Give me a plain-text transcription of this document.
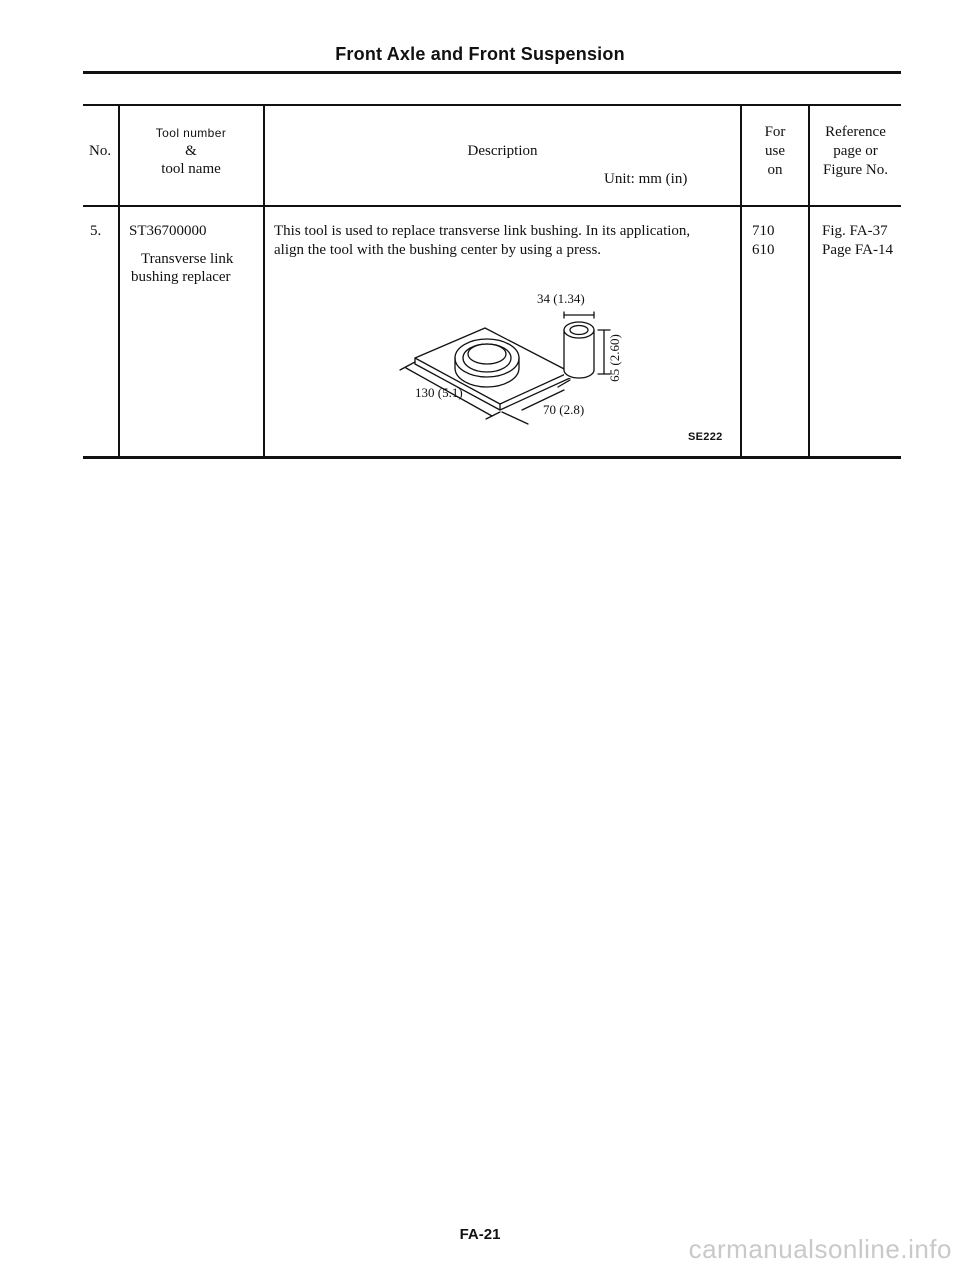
Front Axle and Front Suspension
No.
Tool number
&
tool name
Description
Unit: mm (in)
For
use
on
Reference
page or
Figure No.
5. ST36700000
Transverse link
bushing replacer
This tool is used to replace transverse link bushing. In its application,
align the tool with the bushing center by using a press.
710
610
Fig. FA-37
Page FA-14
34 (1.34)
65 (2.60)
130 (5.1)
70 (2.8)
SE222
FA-21	carmanualsonline.info
